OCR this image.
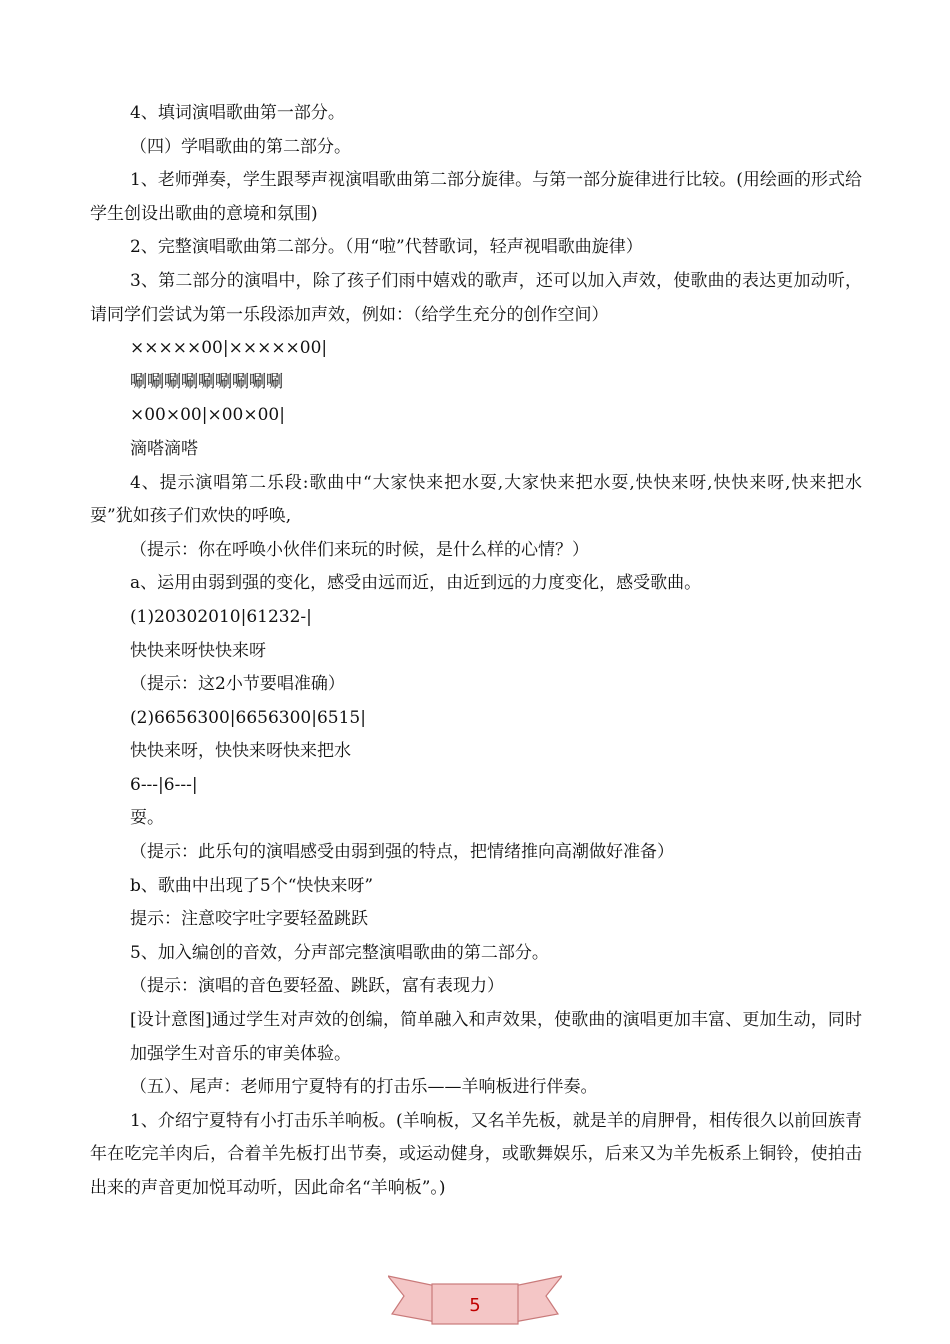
4、填词演唱歌曲第一部分。

（四）学唱歌曲的第二部分。

1、老师弹奏，学生跟琴声视演唱歌曲第二部分旋律。与第一部分旋律进行比较。(用绘画的形式给学生创设出歌曲的意境和氛围)

2、完整演唱歌曲第二部分。（用“啦”代替歌词，轻声视唱歌曲旋律）

3、第二部分的演唱中，除了孩子们雨中嬉戏的歌声，还可以加入声效，使歌曲的表达更加动听，请同学们尝试为第一乐段添加声效，例如：（给学生充分的创作空间）

×××××00|×××××00|

唰唰唰唰唰唰唰唰唰

×00×00|×00×00|

滴嗒滴嗒

4、提示演唱第二乐段:歌曲中“大家快来把水耍,大家快来把水耍,快快来呀,快快来呀,快来把水耍”犹如孩子们欢快的呼唤,

（提示：你在呼唤小伙伴们来玩的时候，是什么样的心情？）

a、运用由弱到强的变化，感受由远而近，由近到远的力度变化，感受歌曲。

(1)20302010|61232-|

快快来呀快快来呀

（提示：这2小节要唱准确）

(2)6656300|6656300|6515|

快快来呀，快快来呀快来把水

6---|6---|

耍。

（提示：此乐句的演唱感受由弱到强的特点，把情绪推向高潮做好准备）

b、歌曲中出现了5个“快快来呀”

提示：注意咬字吐字要轻盈跳跃

5、加入编创的音效，分声部完整演唱歌曲的第二部分。

（提示：演唱的音色要轻盈、跳跃，富有表现力）

[设计意图]通过学生对声效的创编，简单融入和声效果，使歌曲的演唱更加丰富、更加生动，同时加强学生对音乐的审美体验。

（五）、尾声：老师用宁夏特有的打击乐——羊响板进行伴奏。

1、介绍宁夏特有小打击乐羊响板。(羊响板，又名羊先板，就是羊的肩胛骨，相传很久以前回族青年在吃完羊肉后，合着羊先板打出节奏，或运动健身，或歌舞娱乐，后来又为羊先板系上铜铃，使拍击出来的声音更加悦耳动听，因此命名“羊响板”。)

5
